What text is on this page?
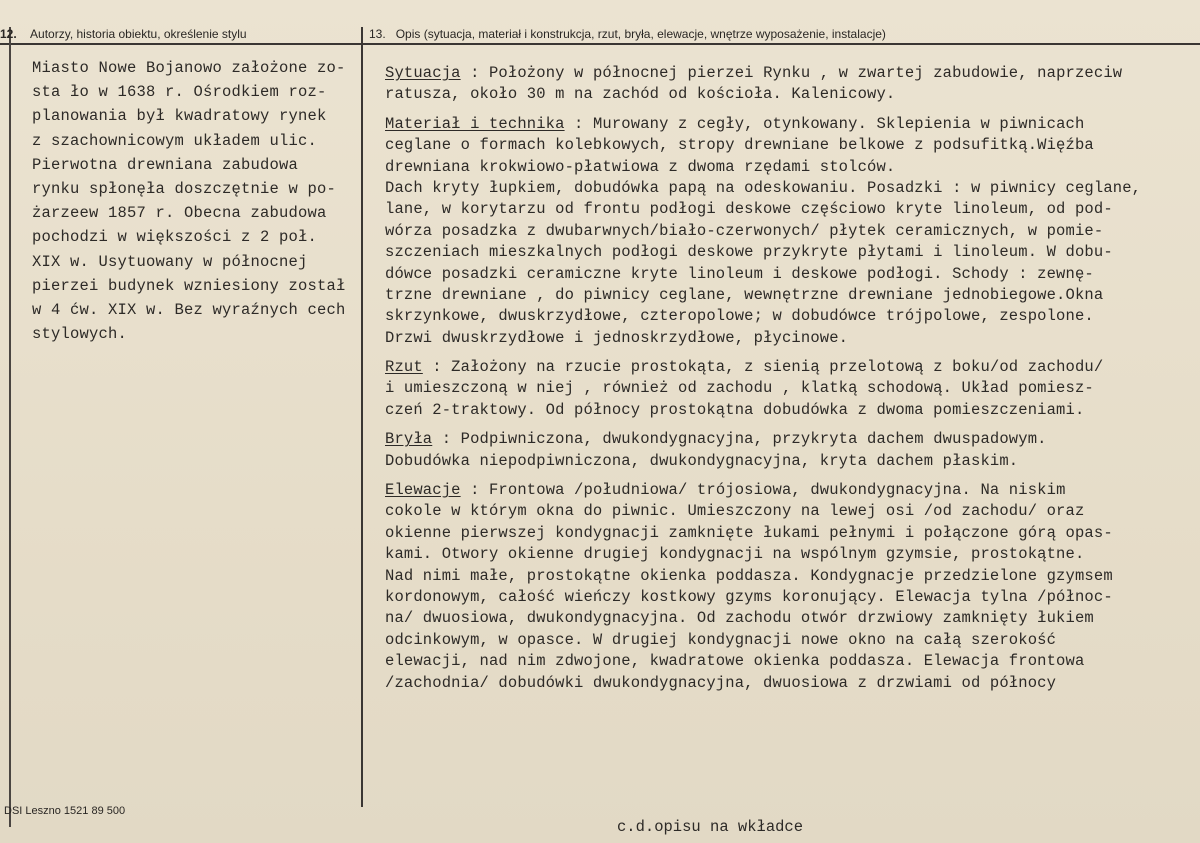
12. Autorzy, historia obiektu, określenie stylu	13. Opis (sytuacja, materiał i konstrukcja, rzut, bryła, elewacje, wnętrze wyposażenie, instalacje)
Miasto Nowe Bojanowo założone zo-
sta ło w 1638 r. Ośrodkiem roz-
planowania był kwadratowy rynek
z szachownicowym układem ulic.
Pierwotna drewniana zabudowa
rynku spłonęła doszczętnie w po-
żarzeew 1857 r. Obecna zabudowa
pochodzi w większości z 2 poł.
XIX w. Usytuowany w północnej
pierzei budynek wzniesiony został
w 4 ćw. XIX w. Bez wyraźnych cech
stylowych.
Sytuacja : Położony w północnej pierzei Rynku , w zwartej zabudowie, naprzeciw
ratusza, około 30 m na zachód od kościoła. Kalenicowy.
Materiał i technika : Murowany z cegły, otynkowany. Sklepienia w piwnicach
ceglane o formach kolebkowych, stropy drewniane belkowe z podsufitką.Więźba
drewniana krokwiowo-płatwiowa z dwoma rzędami stolców.
Dach kryty łupkiem, dobudówka papą na odeskowaniu. Posadzki : w piwnicy ceglane,
lane, w korytarzu od frontu podłogi deskowe częściowo kryte linoleum, od pod-
wórza posadzka z dwubarwnych/biało-czerwonych/ płytek ceramicznych, w pomie-
szczeniach mieszkalnych podłogi deskowe przykryte płytami i linoleum. W dobu-
dówce posadzki ceramiczne kryte linoleum i deskowe podłogi. Schody : zewnę-
trzne drewniane , do piwnicy ceglane, wewnętrzne drewniane jednobiegowe.Okna
skrzynkowe, dwuskrzydłowe, czteropolowe; w dobudówce trójpolowe, zespolone.
Drzwi dwuskrzydłowe i jednoskrzydłowe, płycinowe.
Rzut : Założony na rzucie prostokąta, z sienią przelotową z boku/od zachodu/
i umieszczoną w niej , również od zachodu , klatką schodową. Układ pomiesz-
czeń 2-traktowy. Od północy prostokątna dobudówka z dwoma pomieszczeniami.
Bryła : Podpiwniczona, dwukondygnacyjna, przykryta dachem dwuspadowym.
Dobudówka niepodpiwniczona, dwukondygnacyjna, kryta dachem płaskim.
Elewacje : Frontowa /południowa/ trójosiowa, dwukondygnacyjna. Na niskim
cokole w którym okna do piwnic. Umieszczony na lewej osi /od zachodu/ oraz
okienne pierwszej kondygnacji zamknięte łukami pełnymi i połączone górą opas-
kami. Otwory okienne drugiej kondygnacji na wspólnym gzymsie, prostokątne.
Nad nimi małe, prostokątne okienka poddasza. Kondygnacje przedzielone gzymsem
kordonowym, całość wieńczy kostkowy gzyms koronujący. Elewacja tylna /północ-
na/ dwuosiowa, dwukondygnacyjna. Od zachodu otwór drzwiowy zamknięty łukiem
odcinkowym, w opasce. W drugiej kondygnacji nowe okno na całą szerokość
elewacji, nad nim zdwojone, kwadratowe okienka poddasza. Elewacja frontowa
/zachodnia/ dobudówki dwukondygnacyjna, dwuosiowa z drzwiami od północy
DSI Leszno 1521 89 500
c.d.opisu na wkładce
